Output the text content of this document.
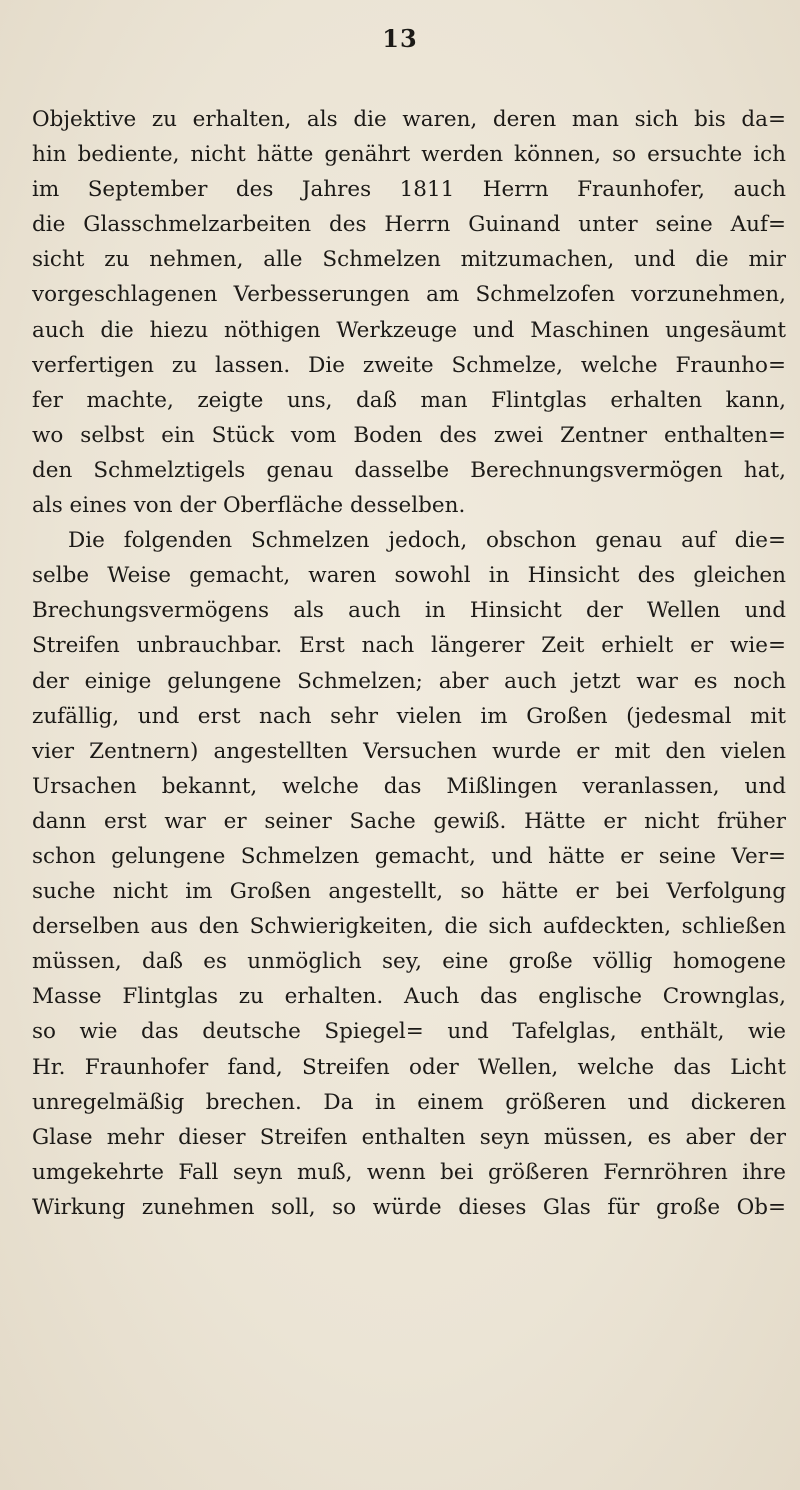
13
Objektive zu erhalten, als die waren, deren man sich bis da=
hin bediente, nicht hätte genährt werden können, so ersuchte ich
im September des Jahres 1811 Herrn Fraunhofer, auch
die Glasschmelzarbeiten des Herrn Guinand unter seine Auf=
sicht zu nehmen, alle Schmelzen mitzumachen, und die mir
vorgeschlagenen Verbesserungen am Schmelzofen vorzunehmen,
auch die hiezu nöthigen Werkzeuge und Maschinen ungesäumt
verfertigen zu lassen. Die zweite Schmelze, welche Fraunho=
fer machte, zeigte uns, daß man Flintglas erhalten kann,
wo selbst ein Stück vom Boden des zwei Zentner enthalten=
den Schmelztigels genau dasselbe Berechnungsvermögen hat,
als eines von der Oberfläche desselben.
Die folgenden Schmelzen jedoch, obschon genau auf die=
selbe Weise gemacht, waren sowohl in Hinsicht des gleichen
Brechungsvermögens als auch in Hinsicht der Wellen und
Streifen unbrauchbar. Erst nach längerer Zeit erhielt er wie=
der einige gelungene Schmelzen; aber auch jetzt war es noch
zufällig, und erst nach sehr vielen im Großen (jedesmal mit
vier Zentnern) angestellten Versuchen wurde er mit den vielen
Ursachen bekannt, welche das Mißlingen veranlassen, und
dann erst war er seiner Sache gewiß. Hätte er nicht früher
schon gelungene Schmelzen gemacht, und hätte er seine Ver=
suche nicht im Großen angestellt, so hätte er bei Verfolgung
derselben aus den Schwierigkeiten, die sich aufdeckten, schließen
müssen, daß es unmöglich sey, eine große völlig homogene
Masse Flintglas zu erhalten. Auch das englische Crownglas,
so wie das deutsche Spiegel= und Tafelglas, enthält, wie
Hr. Fraunhofer fand, Streifen oder Wellen, welche das Licht
unregelmäßig brechen. Da in einem größeren und dickeren
Glase mehr dieser Streifen enthalten seyn müssen, es aber der
umgekehrte Fall seyn muß, wenn bei größeren Fernröhren ihre
Wirkung zunehmen soll, so würde dieses Glas für große Ob=
